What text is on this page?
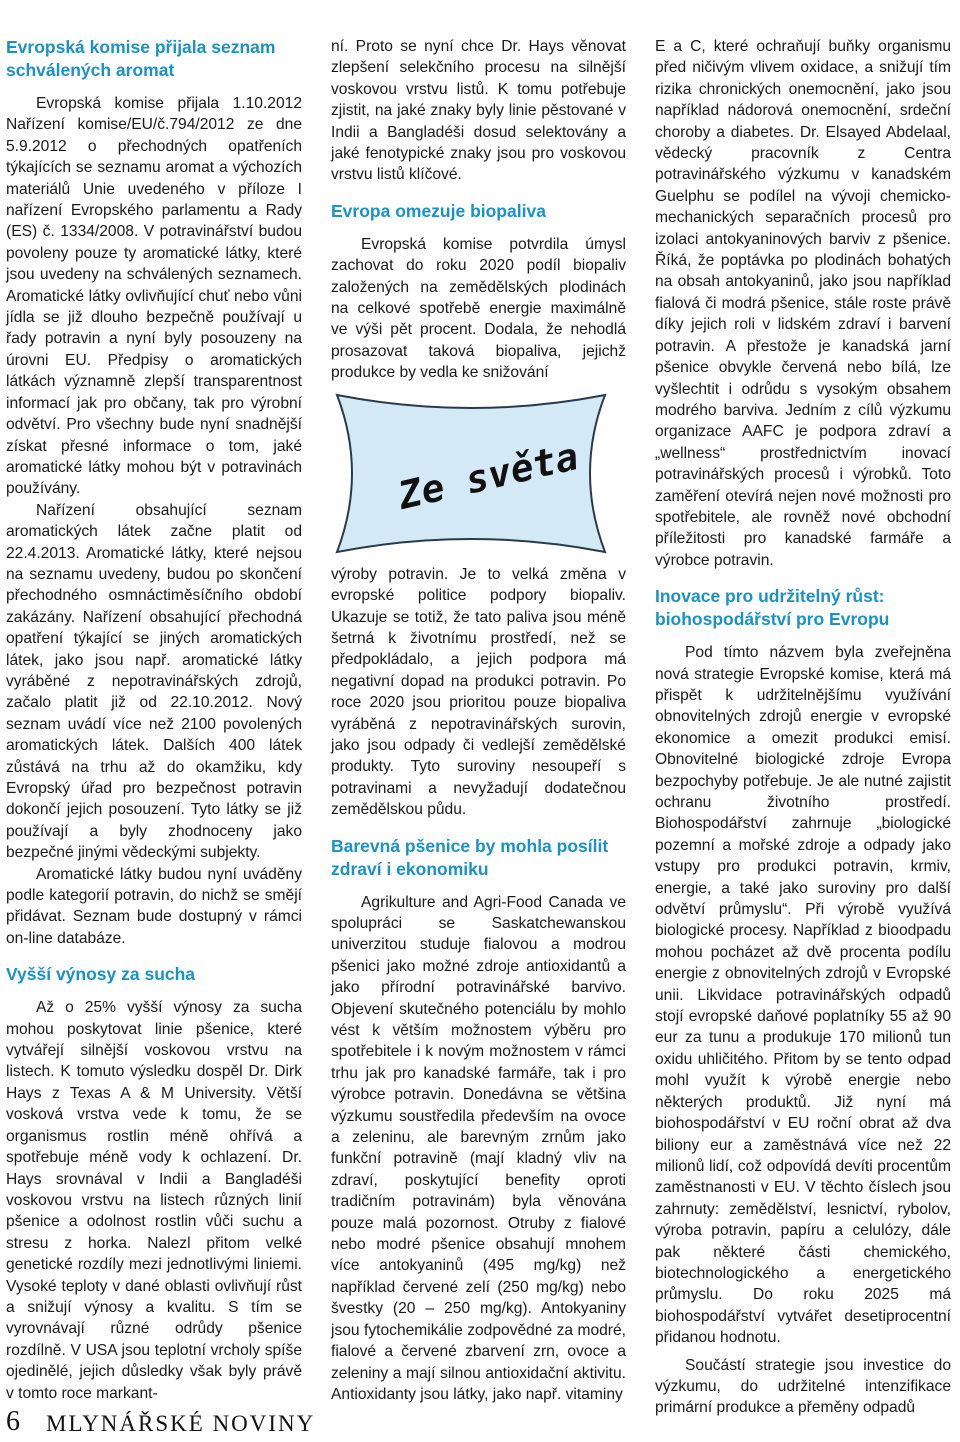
Evropská komise přijala seznam schválených aromat

Evropská komise přijala 1.10.2012 Nařízení komise/EU/č.794/2012 ze dne 5.9.2012 o přechodných opatřeních týkajících se seznamu aromat a výchozích materiálů Unie uvedeného v příloze I nařízení Evropského parlamentu a Rady (ES) č. 1334/2008. V potravinářství budou povoleny pouze ty aromatické látky, které jsou uvedeny na schválených seznamech. Aromatické látky ovlivňující chuť nebo vůni jídla se již dlouho bezpečně používají u řady potravin a nyní byly posouzeny na úrovni EU. Předpisy o aromatických látkách významně zlepší transparentnost informací jak pro občany, tak pro výrobní odvětví. Pro všechny bude nyní snadnější získat přesné informace o tom, jaké aromatické látky mohou být v potravinách používány.

Nařízení obsahující seznam aromatických látek začne platit od 22.4.2013. Aromatické látky, které nejsou na seznamu uvedeny, budou po skončení přechodného osmnáctiměsíčního období zakázány. Nařízení obsahující přechodná opatření týkající se jiných aromatických látek, jako jsou např. aromatické látky vyráběné z nepotravinářských zdrojů, začalo platit již od 22.10.2012. Nový seznam uvádí více než 2100 povolených aromatických látek. Dalších 400 látek zůstává na trhu až do okamžiku, kdy Evropský úřad pro bezpečnost potravin dokončí jejich posouzení. Tyto látky se již používají a byly zhodnoceny jako bezpečné jinými vědeckými subjekty.

Aromatické látky budou nyní uváděny podle kategorií potravin, do nichž se smějí přidávat. Seznam bude dostupný v rámci on-line databáze.

Vyšší výnosy za sucha

Až o 25% vyšší výnosy za sucha mohou poskytovat linie pšenice, které vytvářejí silnější voskovou vrstvu na listech. K tomuto výsledku dospěl Dr. Dirk Hays z Texas A & M University. Větší vosková vrstva vede k tomu, že se organismus rostlin méně ohřívá a spotřebuje méně vody k ochlazení. Dr. Hays srovnával v Indii a Bangladéši voskovou vrstvu na listech různých linií pšenice a odolnost rostlin vůči suchu a stresu z horka. Nalezl přitom velké genetické rozdíly mezi jednotlivými liniemi. Vysoké teploty v dané oblasti ovlivňují růst a snižují výnosy a kvalitu. S tím se vyrovnávají různé odrůdy pšenice rozdílně. V USA jsou teplotní vrcholy spíše ojedinělé, jejich důsledky však byly právě v tomto roce markant-

ní. Proto se nyní chce Dr. Hays věnovat zlepšení selekčního procesu na silnější voskovou vrstvu listů. K tomu potřebuje zjistit, na jaké znaky byly linie pěstované v Indii a Bangladéši dosud selektovány a jaké fenotypické znaky jsou pro voskovou vrstvu listů klíčové.

Evropa omezuje biopaliva

Evropská komise potvrdila úmysl zachovat do roku 2020 podíl biopaliv založených na zemědělských plodinách na celkové spotřebě energie maximálně ve výši pět procent. Dodala, že nehodlá prosazovat taková biopaliva, jejichž produkce by vedla ke snižování

Ze světa

výroby potravin. Je to velká změna v evropské politice podpory biopaliv. Ukazuje se totiž, že tato paliva jsou méně šetrná k životnímu prostředí, než se předpokládalo, a jejich podpora má negativní dopad na produkci potravin. Po roce 2020 jsou prioritou pouze biopaliva vyráběná z nepotravinářských surovin, jako jsou odpady či vedlejší zemědělské produkty. Tyto suroviny nesoupeří s potravinami a nevyžadují dodatečnou zemědělskou půdu.

Barevná pšenice by mohla posílit zdraví i ekonomiku

Agrikulture and Agri-Food Canada ve spolupráci se Saskatchewanskou univerzitou studuje fialovou a modrou pšenici jako možné zdroje antioxidantů a jako přírodní potravinářské barvivo. Objevení skutečného potenciálu by mohlo vést k větším možnostem výběru pro spotřebitele i k novým možnostem v rámci trhu jak pro kanadské farmáře, tak i pro výrobce potravin. Donedávna se většina výzkumu soustředila především na ovoce a zeleninu, ale barevným zrnům jako funkční potravině (mají kladný vliv na zdraví, poskytující benefity oproti tradičním potravinám) byla věnována pouze malá pozornost. Otruby z fialové nebo modré pšenice obsahují mnohem více antokyaninů (495 mg/kg) než například červené zelí (250 mg/kg) nebo švestky (20 – 250 mg/kg). Antokyaniny jsou fytochemikálie zodpovědné za modré, fialové a červené zbarvení zrn, ovoce a zeleniny a mají silnou antioxidační aktivitu. Antioxidanty jsou látky, jako např. vitaminy

E a C, které ochraňují buňky organismu před ničivým vlivem oxidace, a snižují tím rizika chronických onemocnění, jako jsou například nádorová onemocnění, srdeční choroby a diabetes. Dr. Elsayed Abdelaal, vědecký pracovník z Centra potravinářského výzkumu v kanadském Guelphu se podílel na vývoji chemicko-mechanických separačních procesů pro izolaci antokyaninových barviv z pšenice. Říká, že poptávka po plodinách bohatých na obsah antokyaninů, jako jsou například fialová či modrá pšenice, stále roste právě díky jejich roli v lidském zdraví i barvení potravin. A přestože je kanadská jarní pšenice obvykle červená nebo bílá, lze vyšlechtit i odrůdu s vysokým obsahem modrého barviva. Jedním z cílů výzkumu organizace AAFC je podpora zdraví a „wellness“ prostřednictvím inovací potravinářských procesů i výrobků. Toto zaměření otevírá nejen nové možnosti pro spotřebitele, ale rovněž nové obchodní příležitosti pro kanadské farmáře a výrobce potravin.

Inovace pro udržitelný růst: biohospodářství pro Evropu

Pod tímto názvem byla zveřejněna nová strategie Evropské komise, která má přispět k udržitelnějšímu využívání obnovitelných zdrojů energie v evropské ekonomice a omezit produkci emisí. Obnovitelné biologické zdroje Evropa bezpochyby potřebuje. Je ale nutné zajistit ochranu životního prostředí. Biohospodářství zahrnuje „biologické pozemní a mořské zdroje a odpady jako vstupy pro produkci potravin, krmiv, energie, a také jako suroviny pro další odvětví průmyslu“. Při výrobě využívá biologické procesy. Například z bioodpadu mohou pocházet až dvě procenta podílu energie z obnovitelných zdrojů v Evropské unii. Likvidace potravinářských odpadů stojí evropské daňové poplatníky 55 až 90 eur za tunu a produkuje 170 milionů tun oxidu uhličitého. Přitom by se tento odpad mohl využít k výrobě energie nebo některých produktů. Již nyní má biohospodářství v EU roční obrat až dva biliony eur a zaměstnává více než 22 milionů lidí, což odpovídá devíti procentům zaměstnanosti v EU. V těchto číslech jsou zahrnuty: zemědělství, lesnictví, rybolov, výroba potravin, papíru a celulózy, dále pak některé části chemického, biotechnologického a energetického průmyslu. Do roku 2025 má biohospodářství vytvářet desetiprocentní přidanou hodnotu.

Součástí strategie jsou investice do výzkumu, do udržitelné intenzifikace primární produkce a přeměny odpadů

6 MLYNÁŘSKÉ NOVINY
